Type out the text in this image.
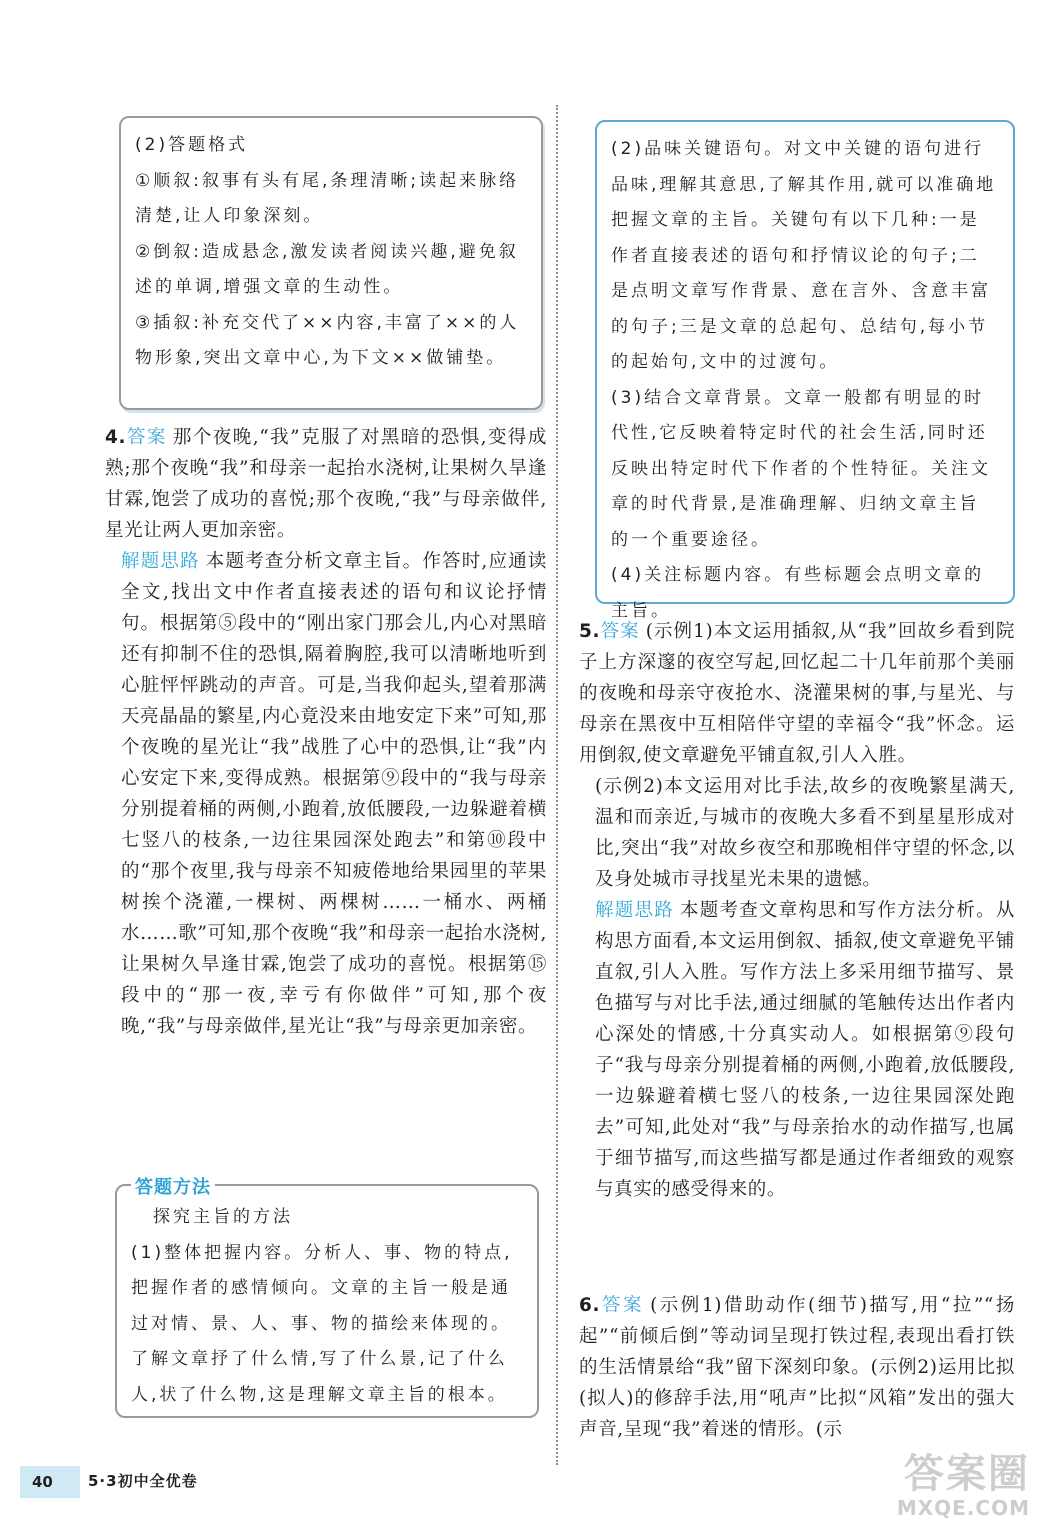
(2)答题格式

①顺叙:叙事有头有尾,条理清晰;读起来脉络清楚,让人印象深刻。

②倒叙:造成悬念,激发读者阅读兴趣,避免叙述的单调,增强文章的生动性。

③插叙:补充交代了××内容,丰富了××的人物形象,突出文章中心,为下文××做铺垫。

4.答案 那个夜晚,“我”克服了对黑暗的恐惧,变得成熟;那个夜晚“我”和母亲一起抬水浇树,让果树久旱逢甘霖,饱尝了成功的喜悦;那个夜晚,“我”与母亲做伴,星光让两人更加亲密。

解题思路 本题考查分析文章主旨。作答时,应通读全文,找出文中作者直接表述的语句和议论抒情句。根据第⑤段中的“刚出家门那会儿,内心对黑暗还有抑制不住的恐惧,隔着胸腔,我可以清晰地听到心脏怦怦跳动的声音。可是,当我仰起头,望着那满天亮晶晶的繁星,内心竟没来由地安定下来”可知,那个夜晚的星光让“我”战胜了心中的恐惧,让“我”内心安定下来,变得成熟。根据第⑨段中的“我与母亲分别提着桶的两侧,小跑着,放低腰段,一边躲避着横七竖八的枝条,一边往果园深处跑去”和第⑩段中的“那个夜里,我与母亲不知疲倦地给果园里的苹果树挨个浇灌,一棵树、两棵树……一桶水、两桶水……歌”可知,那个夜晚“我”和母亲一起抬水浇树,让果树久旱逢甘霖,饱尝了成功的喜悦。根据第⑮段中的“那一夜,幸亏有你做伴”可知,那个夜晚,“我”与母亲做伴,星光让“我”与母亲更加亲密。

答题方法

探究主旨的方法

(1)整体把握内容。分析人、事、物的特点,把握作者的感情倾向。文章的主旨一般是通过对情、景、人、事、物的描绘来体现的。了解文章抒了什么情,写了什么景,记了什么人,状了什么物,这是理解文章主旨的根本。

(2)品味关键语句。对文中关键的语句进行品味,理解其意思,了解其作用,就可以准确地把握文章的主旨。关键句有以下几种:一是作者直接表述的语句和抒情议论的句子;二是点明文章写作背景、意在言外、含意丰富的句子;三是文章的总起句、总结句,每小节的起始句,文中的过渡句。

(3)结合文章背景。文章一般都有明显的时代性,它反映着特定时代的社会生活,同时还反映出特定时代下作者的个性特征。关注文章的时代背景,是准确理解、归纳文章主旨的一个重要途径。

(4)关注标题内容。有些标题会点明文章的主旨。

5.答案 (示例1)本文运用插叙,从“我”回故乡看到院子上方深邃的夜空写起,回忆起二十几年前那个美丽的夜晚和母亲守夜抢水、浇灌果树的事,与星光、与母亲在黑夜中互相陪伴守望的幸福令“我”怀念。运用倒叙,使文章避免平铺直叙,引人入胜。

(示例2)本文运用对比手法,故乡的夜晚繁星满天,温和而亲近,与城市的夜晚大多看不到星星形成对比,突出“我”对故乡夜空和那晚相伴守望的怀念,以及身处城市寻找星光未果的遗憾。

解题思路 本题考查文章构思和写作方法分析。从构思方面看,本文运用倒叙、插叙,使文章避免平铺直叙,引人入胜。写作方法上多采用细节描写、景色描写与对比手法,通过细腻的笔触传达出作者内心深处的情感,十分真实动人。如根据第⑨段句子“我与母亲分别提着桶的两侧,小跑着,放低腰段,一边躲避着横七竖八的枝条,一边往果园深处跑去”可知,此处对“我”与母亲抬水的动作描写,也属于细节描写,而这些描写都是通过作者细致的观察与真实的感受得来的。

6.答案 (示例1)借助动作(细节)描写,用“拉”“扬起”“前倾后倒”等动词呈现打铁过程,表现出看打铁的生活情景给“我”留下深刻印象。(示例2)运用比拟(拟人)的修辞手法,用“吼声”比拟“风箱”发出的强大声音,呈现“我”着迷的情形。(示

40	5·3初中全优卷	答案圈
MXQE.COM
